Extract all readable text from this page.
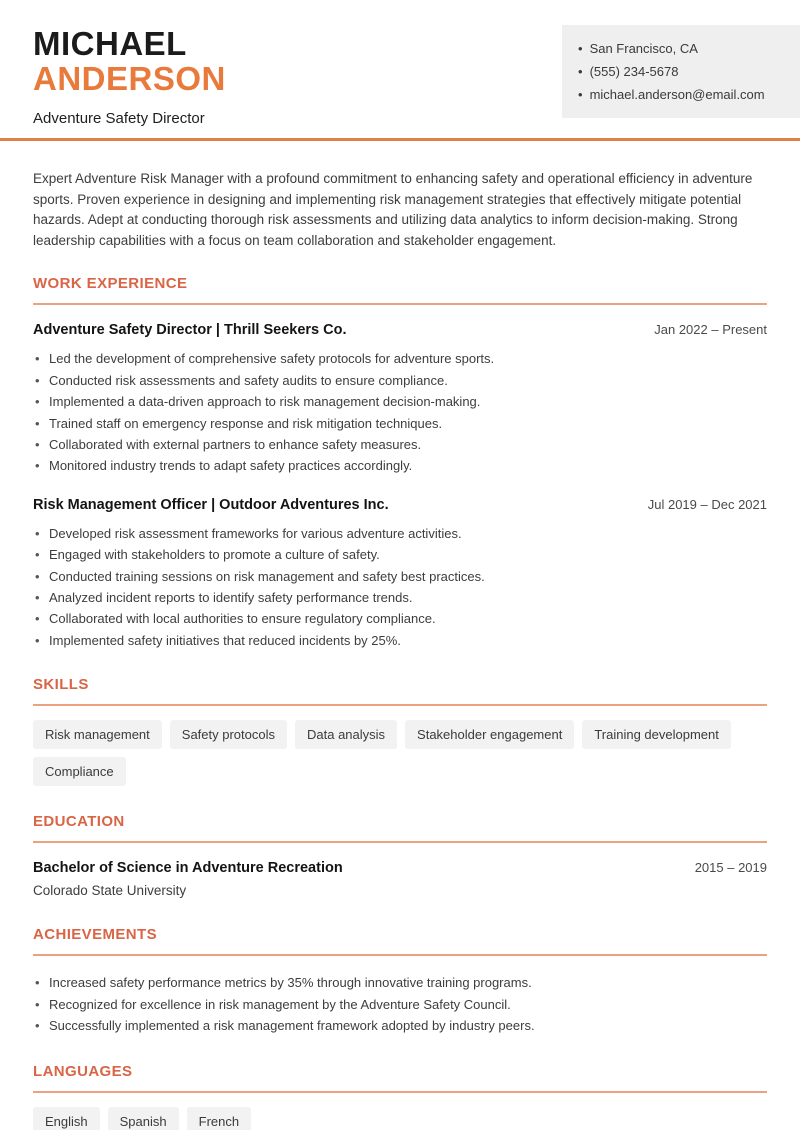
MICHAEL
ANDERSON
Adventure Safety Director
• San Francisco, CA
• (555) 234-5678
• michael.anderson@email.com

Expert Adventure Risk Manager with a profound commitment to enhancing safety and operational efficiency in adventure sports. Proven experience in designing and implementing risk management strategies that effectively mitigate potential hazards. Adept at conducting thorough risk assessments and utilizing data analytics to inform decision-making. Strong leadership capabilities with a focus on team collaboration and stakeholder engagement.

WORK EXPERIENCE
Adventure Safety Director | Thrill Seekers Co.	Jan 2022 – Present
• Led the development of comprehensive safety protocols for adventure sports.
• Conducted risk assessments and safety audits to ensure compliance.
• Implemented a data-driven approach to risk management decision-making.
• Trained staff on emergency response and risk mitigation techniques.
• Collaborated with external partners to enhance safety measures.
• Monitored industry trends to adapt safety practices accordingly.
Risk Management Officer | Outdoor Adventures Inc.	Jul 2019 – Dec 2021
• Developed risk assessment frameworks for various adventure activities.
• Engaged with stakeholders to promote a culture of safety.
• Conducted training sessions on risk management and safety best practices.
• Analyzed incident reports to identify safety performance trends.
• Collaborated with local authorities to ensure regulatory compliance.
• Implemented safety initiatives that reduced incidents by 25%.
SKILLS
Risk management	Safety protocols	Data analysis	Stakeholder engagement	Training development
Compliance
EDUCATION
Bachelor of Science in Adventure Recreation	2015 – 2019
Colorado State University
ACHIEVEMENTS
• Increased safety performance metrics by 35% through innovative training programs.
• Recognized for excellence in risk management by the Adventure Safety Council.
• Successfully implemented a risk management framework adopted by industry peers.
LANGUAGES
English	Spanish	French
